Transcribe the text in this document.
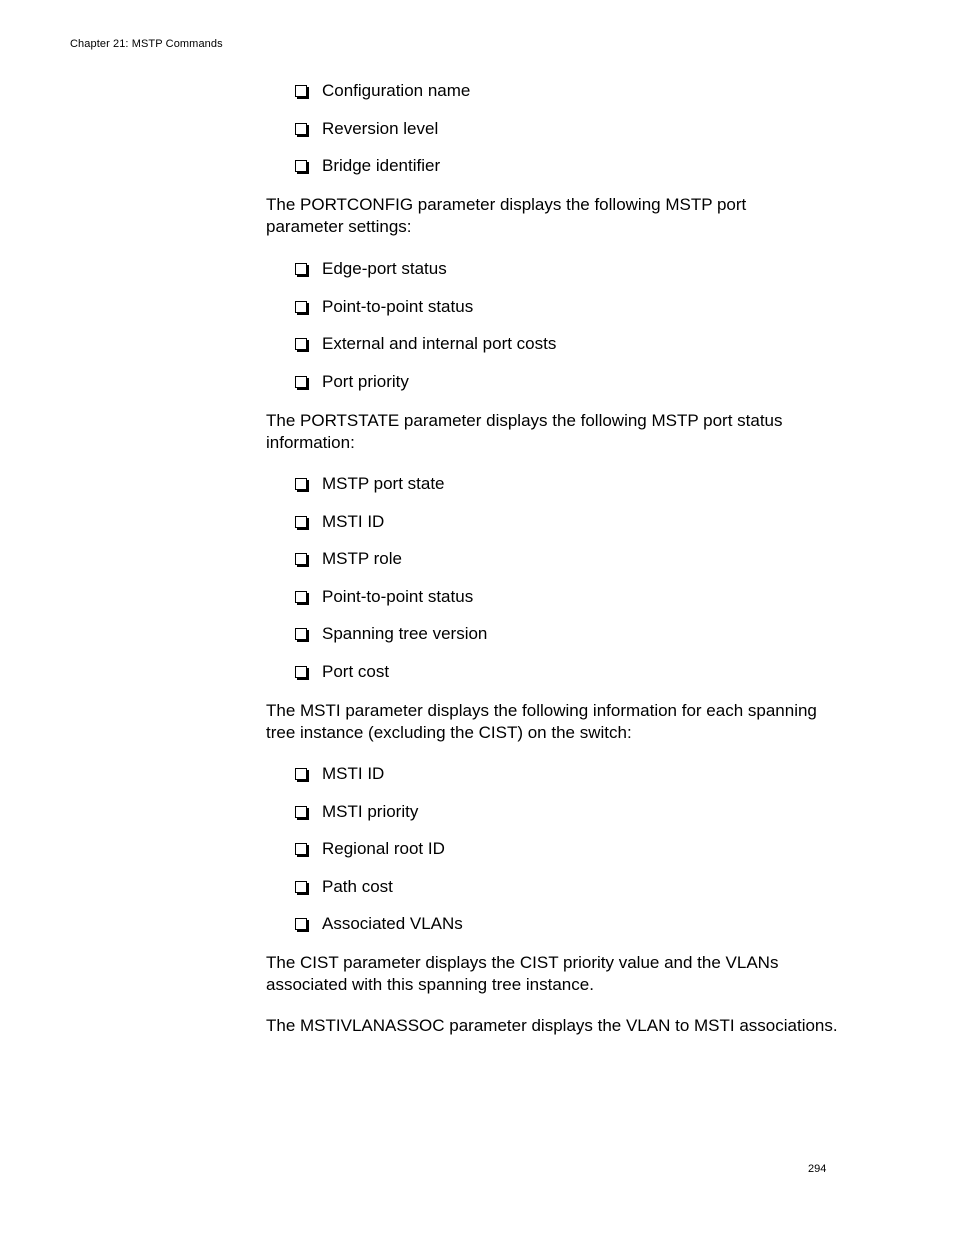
Chapter 21: MSTP Commands
Configuration name
Reversion level
Bridge identifier

The PORTCONFIG parameter displays the following MSTP port parameter settings:

Edge-port status
Point-to-point status
External and internal port costs
Port priority

The PORTSTATE parameter displays the following MSTP port status information:

MSTP port state
MSTI ID
MSTP role
Point-to-point status
Spanning tree version
Port cost

The MSTI parameter displays the following information for each spanning tree instance (excluding the CIST) on the switch:

MSTI ID
MSTI priority
Regional root ID
Path cost
Associated VLANs

The CIST parameter displays the CIST priority value and the VLANs associated with this spanning tree instance.

The MSTIVLANASSOC parameter displays the VLAN to MSTI associations.

294
